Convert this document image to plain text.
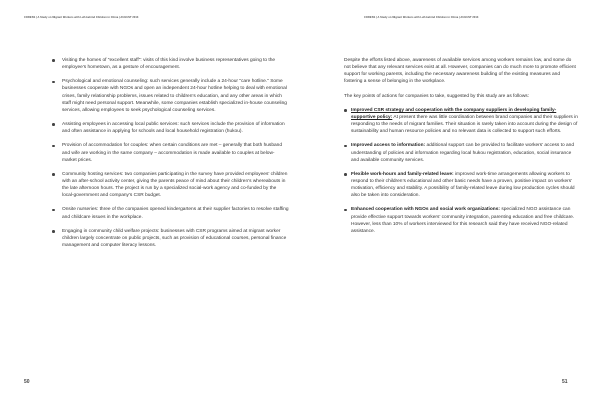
CODESS | A Study on Migrant Workers with Left-behind Children in China | AUGUST 2013
Visiting the homes of "excellent staff": visits of this kind involve business representatives going to the employee’s hometown, as a gesture of encouragement.
Psychological and emotional counseling: such services generally include a 24-hour "care hotline." Some businesses cooperate with NGOs and open an independent 24-hour hotline helping to deal with emotional crises, family relationship problems, issues related to children’s education, and any other areas in which staff might need personal support. Meanwhile, some companies establish specialized in-house counseling services, allowing employees to seek psychological counseling services.
Assisting employees in accessing local public services: such services include the provision of information and often assistance in applying for schools and local household registration (hukou).
Provision of accommodation for couples: when certain conditions are met – generally that both husband and wife are working in the same company – accommodation is made available to couples at below-market prices.
Community hosting services: two companies participating in the survey have provided employees’ children with an after-school activity center, giving the parents peace of mind about their children’s whereabouts in the late afternoon hours. The project is run by a specialized social-work agency and co-funded by the local-government and company’s CSR budget.
Onsite nurseries: three of the companies opened kindergartens at their supplier factories to resolve staffing and childcare issues in the workplace.
Engaging in community child welfare projects: businesses with CSR programs aimed at migrant worker children largely concentrate on public projects, such as provision of educational courses, personal finance management and computer literacy lessons.
50
CODESS | A Study on Migrant Workers with Left-behind Children in China | AUGUST 2013

Despite the efforts listed above, awareness of available services among workers remains low, and some do not believe that any relevant services exist at all. However, companies can do much more to promote efficient support for working parents, including the necessary awareness building of the existing measures and fostering a sense of belonging in the workplace.

The key points of actions for companies to take, suggested by this study are as follows:

Improved CSR strategy and cooperation with the company suppliers in developing family-supportive policy: At present there was little coordination between brand companies and their suppliers in responding to the needs of migrant families. Their situation is rarely taken into account during the design of sustainability and human resource policies and no relevant data is collected to support such efforts.
Improved access to information: additional support can be provided to facilitate workers’ access to and understanding of policies and information regarding local hukou registration, education, social insurance and available community services.
Flexible work-hours and family-related leave: improved work-time arrangements allowing workers to respond to their children’s educational and other basic needs have a proven, positive impact on workers’ motivation, efficiency and stability. A possibility of family-related leave during low production cycles should also be taken into consideration.
Enhanced cooperation with NGOs and social work organizations: specialized NGO assistance can provide effective support towards workers’ community integration, parenting education and free childcare. However, less than 10% of workers interviewed for this research said they have received NGO-related assistance.
51
